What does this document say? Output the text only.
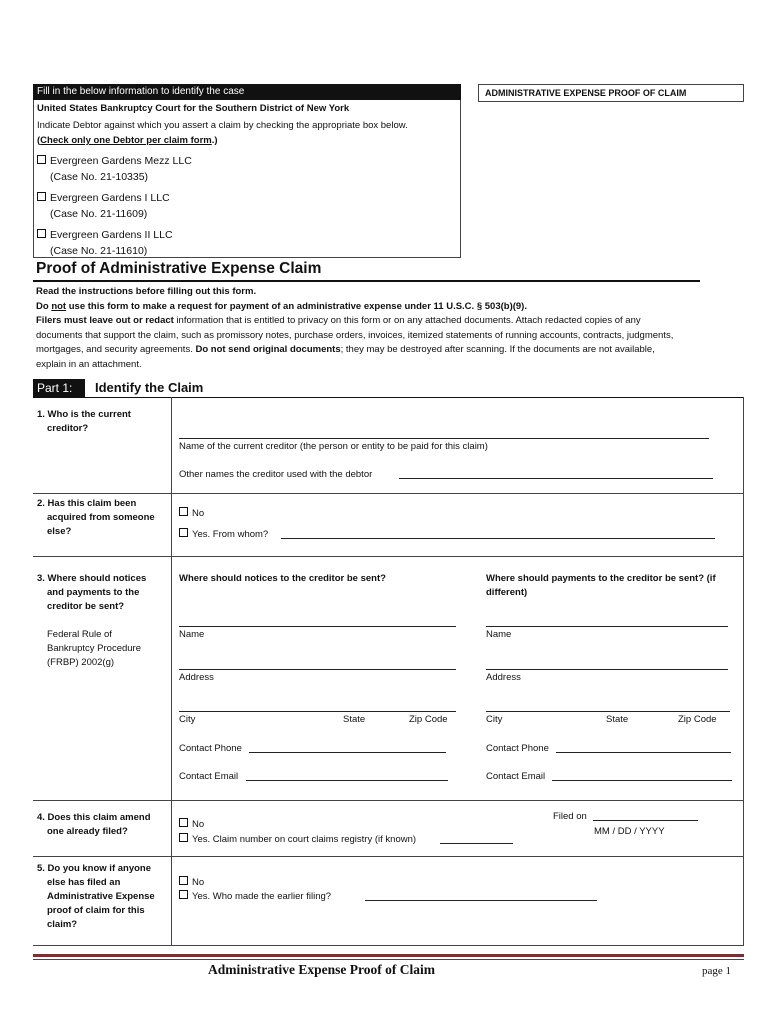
Fill in the below information to identify the case
United States Bankruptcy Court for the Southern District of New York
Indicate Debtor against which you assert a claim by checking the appropriate box below.
(Check only one Debtor per claim form.)
Evergreen Gardens Mezz LLC
(Case No. 21-10335)
Evergreen Gardens I LLC
(Case No. 21-11609)
Evergreen Gardens II LLC
(Case No. 21-11610)
ADMINISTRATIVE EXPENSE PROOF OF CLAIM
Proof of Administrative Expense Claim
Read the instructions before filling out this form.
Do not use this form to make a request for payment of an administrative expense under 11 U.S.C. § 503(b)(9).
Filers must leave out or redact information that is entitled to privacy on this form or on any attached documents. Attach redacted copies of any
documents that support the claim, such as promissory notes, purchase orders, invoices, itemized statements of running accounts, contracts, judgments,
mortgages, and security agreements. Do not send original documents; they may be destroyed after scanning. If the documents are not available,
explain in an attachment.
Part 1:	Identify the Claim
1. Who is the current
creditor?
Name of the current creditor (the person or entity to be paid for this claim)
Other names the creditor used with the debtor
2. Has this claim been
acquired from someone
else?
No
Yes. From whom?
3. Where should notices
and payments to the
creditor be sent?
Federal Rule of
Bankruptcy Procedure
(FRBP) 2002(g)
Where should notices to the creditor be sent?	Where should payments to the creditor be sent? (if
different)
Name
Address
City	State	Zip Code
Contact Phone
Contact Email
Name
Address
City	State	Zip Code
Contact Phone
Contact Email
4. Does this claim amend
one already filed?
No
Yes. Claim number on court claims registry (if known)
Filed on
MM / DD / YYYY
5. Do you know if anyone
else has filed an
Administrative Expense
proof of claim for this
claim?
No
Yes. Who made the earlier filing?
Administrative Expense Proof of Claim	page 1
